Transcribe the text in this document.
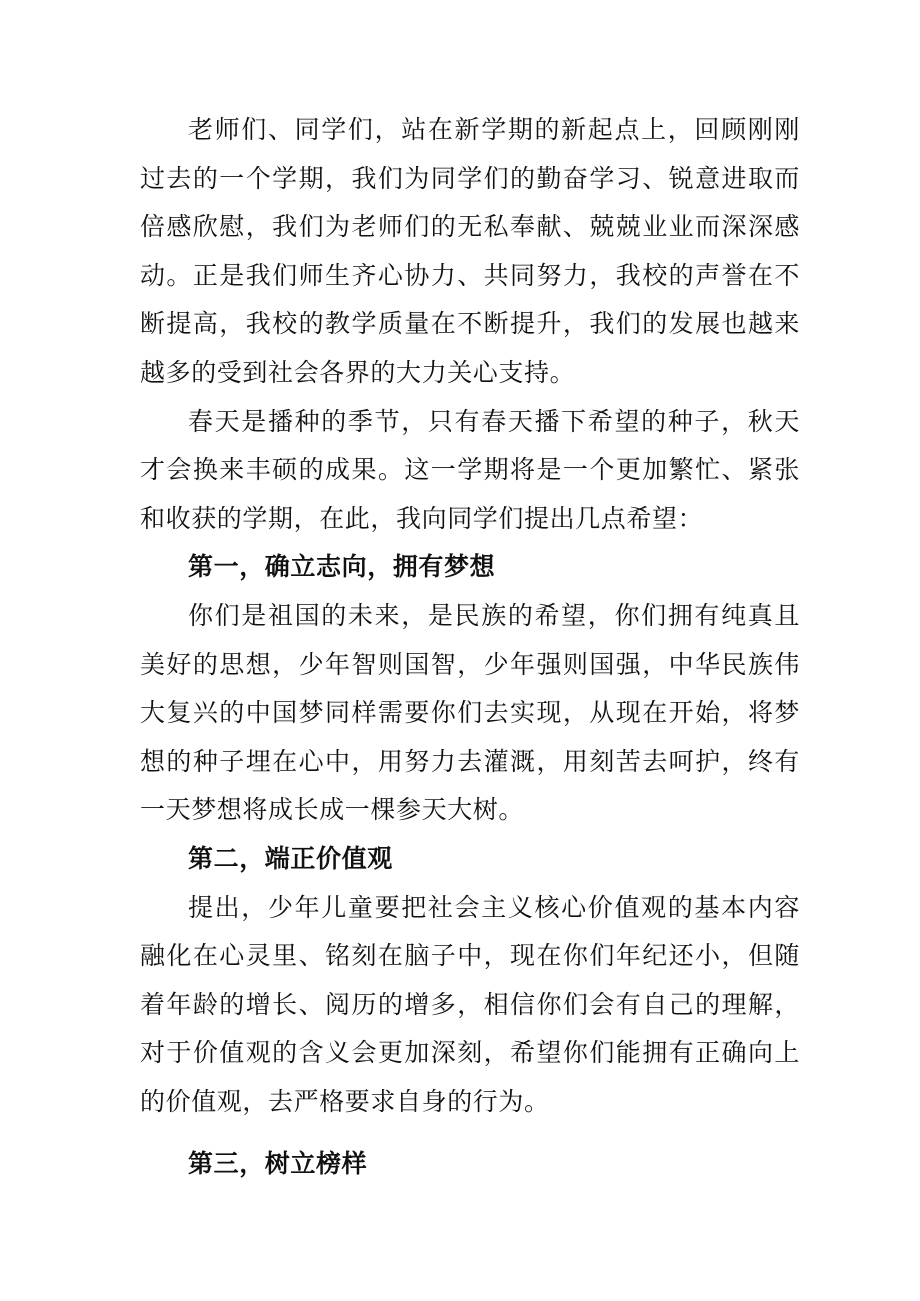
老师们、同学们，站在新学期的新起点上，回顾刚刚过去的一个学期，我们为同学们的勤奋学习、锐意进取而倍感欣慰，我们为老师们的无私奉献、兢兢业业而深深感动。正是我们师生齐心协力、共同努力，我校的声誉在不断提高，我校的教学质量在不断提升，我们的发展也越来越多的受到社会各界的大力关心支持。

春天是播种的季节，只有春天播下希望的种子，秋天才会换来丰硕的成果。这一学期将是一个更加繁忙、紧张和收获的学期，在此，我向同学们提出几点希望：

第一，确立志向，拥有梦想

你们是祖国的未来，是民族的希望，你们拥有纯真且美好的思想，少年智则国智，少年强则国强，中华民族伟大复兴的中国梦同样需要你们去实现，从现在开始，将梦想的种子埋在心中，用努力去灌溉，用刻苦去呵护，终有一天梦想将成长成一棵参天大树。

第二，端正价值观

提出，少年儿童要把社会主义核心价值观的基本内容融化在心灵里、铭刻在脑子中，现在你们年纪还小，但随着年龄的增长、阅历的增多，相信你们会有自己的理解，对于价值观的含义会更加深刻，希望你们能拥有正确向上的价值观，去严格要求自身的行为。

第三，树立榜样
